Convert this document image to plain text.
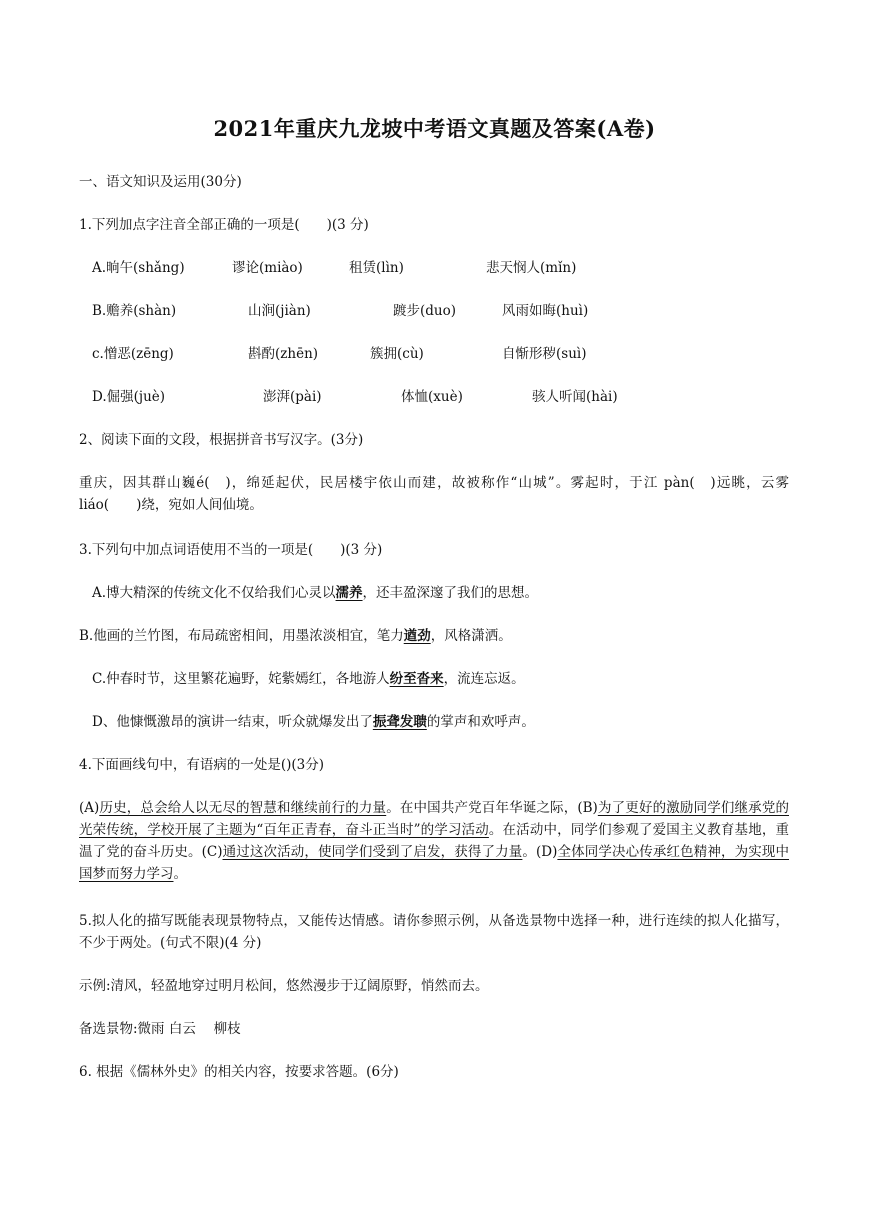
2021年重庆九龙坡中考语文真题及答案(A卷)
一、语文知识及运用(30分)
1.下列加点字注音全部正确的一项是(　　)(3 分)
A.晌午(shǎng)	谬论(miào)	租赁(lìn)	悲天悯人(mǐn)
B.赡养(shàn)	山涧(jiàn)	踱步(duo)	风雨如晦(huì)
c.憎恶(zēng)	斟酌(zhēn)	簇拥(cù)	自惭形秽(suì)
D.倔强(juè)	澎湃(pài)	体恤(xuè)	骇人听闻(hài)
2、阅读下面的文段，根据拼音书写汉字。(3分)
重庆，因其群山巍é(　)，绵延起伏，民居楼宇依山而建，故被称作“山城”。雾起时，于江 pàn(　)远眺，云雾 liáo(　　)绕，宛如人间仙境。
3.下列句中加点词语使用不当的一项是(　　)(3 分)
A.博大精深的传统文化不仅给我们心灵以濡养，还丰盈深邃了我们的思想。
B.他画的兰竹图，布局疏密相间，用墨浓淡相宜，笔力遒劲，风格潇洒。
C.仲春时节，这里繁花遍野，姹紫嫣红，各地游人纷至沓来，流连忘返。
D、他慷慨激昂的演讲一结束，听众就爆发出了振聋发聩的掌声和欢呼声。
4.下面画线句中，有语病的一处是()(3分)
(A)历史，总会给人以无尽的智慧和继续前行的力量。在中国共产党百年华诞之际，(B)为了更好的激励同学们继承党的光荣传统，学校开展了主题为“百年正青春，奋斗正当时”的学习活动。在活动中，同学们参观了爱国主义教育基地，重温了党的奋斗历史。(C)通过这次活动，使同学们受到了启发，获得了力量。(D)全体同学决心传承红色精神，为实现中国梦而努力学习。
5.拟人化的描写既能表现景物特点，又能传达情感。请你参照示例，从备选景物中选择一种，进行连续的拟人化描写，不少于两处。(句式不限)(4 分)
示例:清风，轻盈地穿过明月松间，悠然漫步于辽阔原野，悄然而去。
备选景物:微雨 白云　 柳枝
6. 根据《儒林外史》的相关内容，按要求答题。(6分)
